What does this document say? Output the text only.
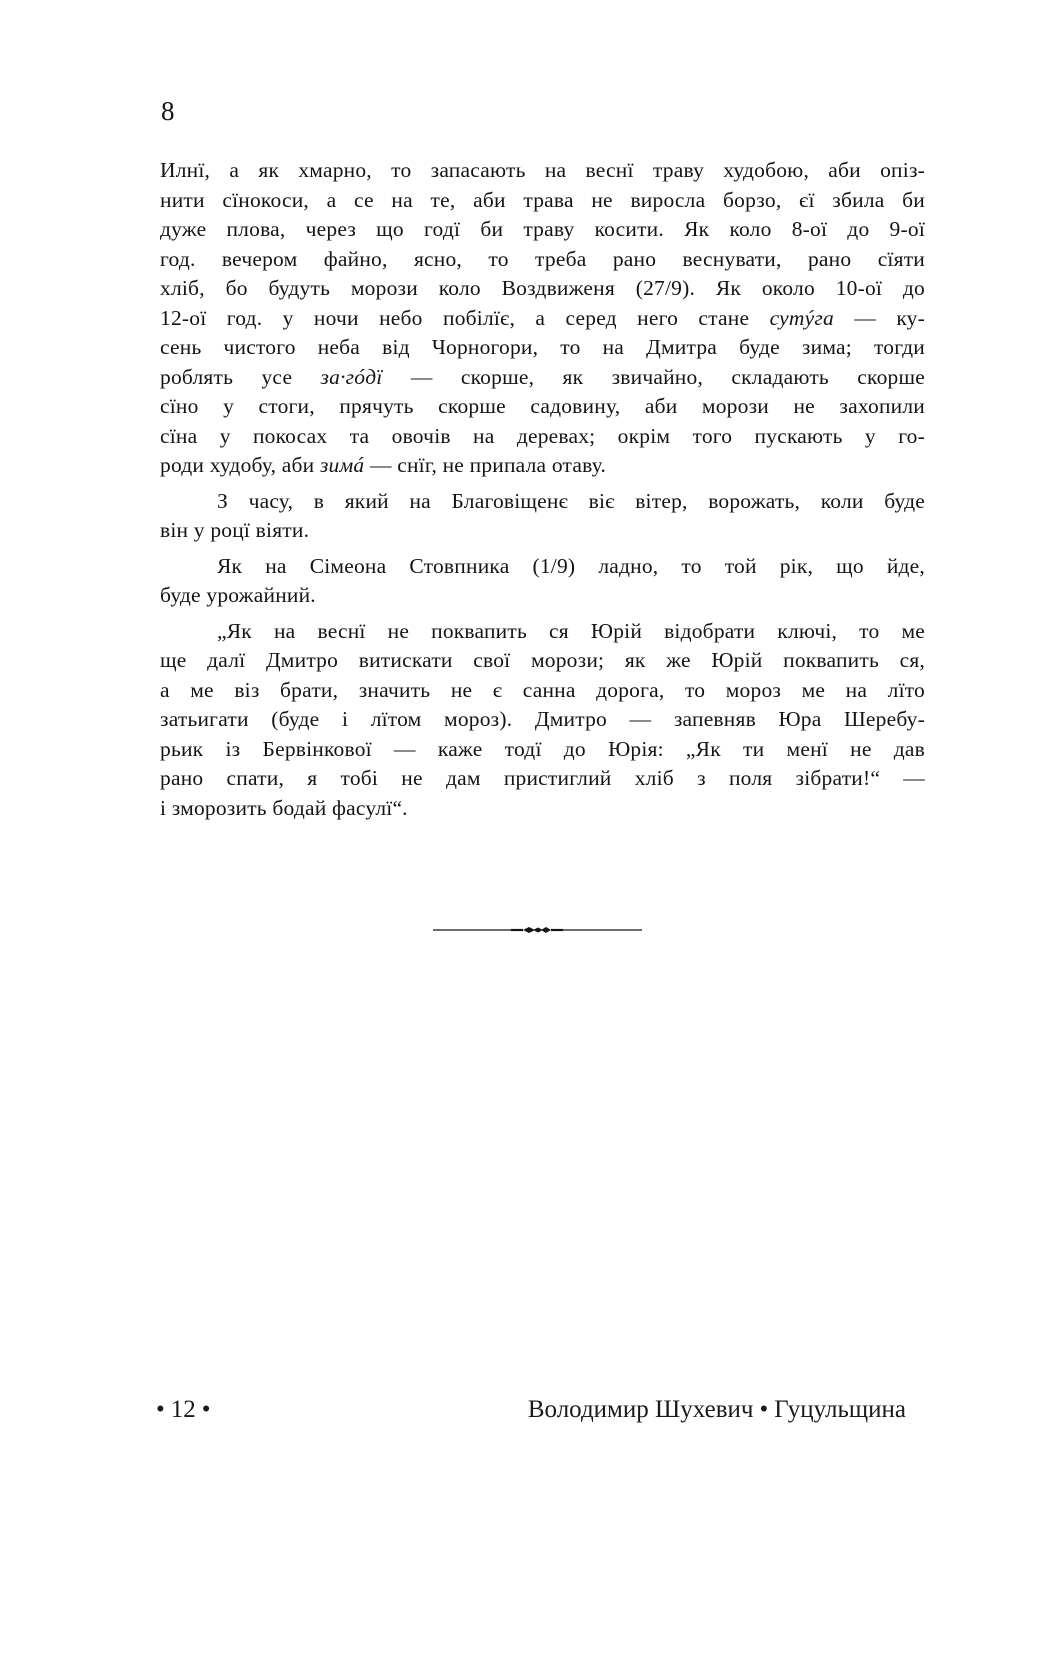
8
Илнї, а як хмарно, то запасають на веснї траву худобою, аби опіз-
нити сїнокоси, а се на те, аби трава не виросла борзо, єї збила би
дуже плова, через що годї би траву косити. Як коло 8-ої до 9-ої
год. вечером файно, ясно, то треба рано веснувати, рано сїяти
хліб, бо будуть морози коло Воздвиженя (27/9). Як около 10-ої до
12-ої год. у ночи небо побілїє, а серед него стане сутýга — ку-
сень чистого неба від Чорногори, то на Дмитра буде зима; тогди
роблять усе за·гóдї — скорше, як звичайно, складають скорше
сїно у стоги, прячуть скорше садовину, аби морози не захопили
сїна у покосах та овочів на деревах; окрім того пускають у го-
роди худобу, аби зимá — снїг, не припала отаву.
З часу, в який на Благовіщенє віє вітер, ворожать, коли буде
він у роцї віяти.
Як на Сімеона Стовпника (1/9) ладно, то той рік, що йде,
буде урожайний.
„Як на веснї не поквапить ся Юрій відобрати ключі, то ме
ще далї Дмитро витискати свої морози; як же Юрій поквапить ся,
а ме віз брати, значить не є санна дорога, то мороз ме на лїто
затьигати (буде і лїтом мороз). Дмитро — запевняв Юра Шеребу-
рьик із Бервінкової — каже тодї до Юрія: „Як ти менї не дав
рано спати, я тобі не дам пристиглий хліб з поля зібрати!“ —
і зморозить бодай фасулї“.
• 12 •	Володимир Шухевич • Гуцульщина
